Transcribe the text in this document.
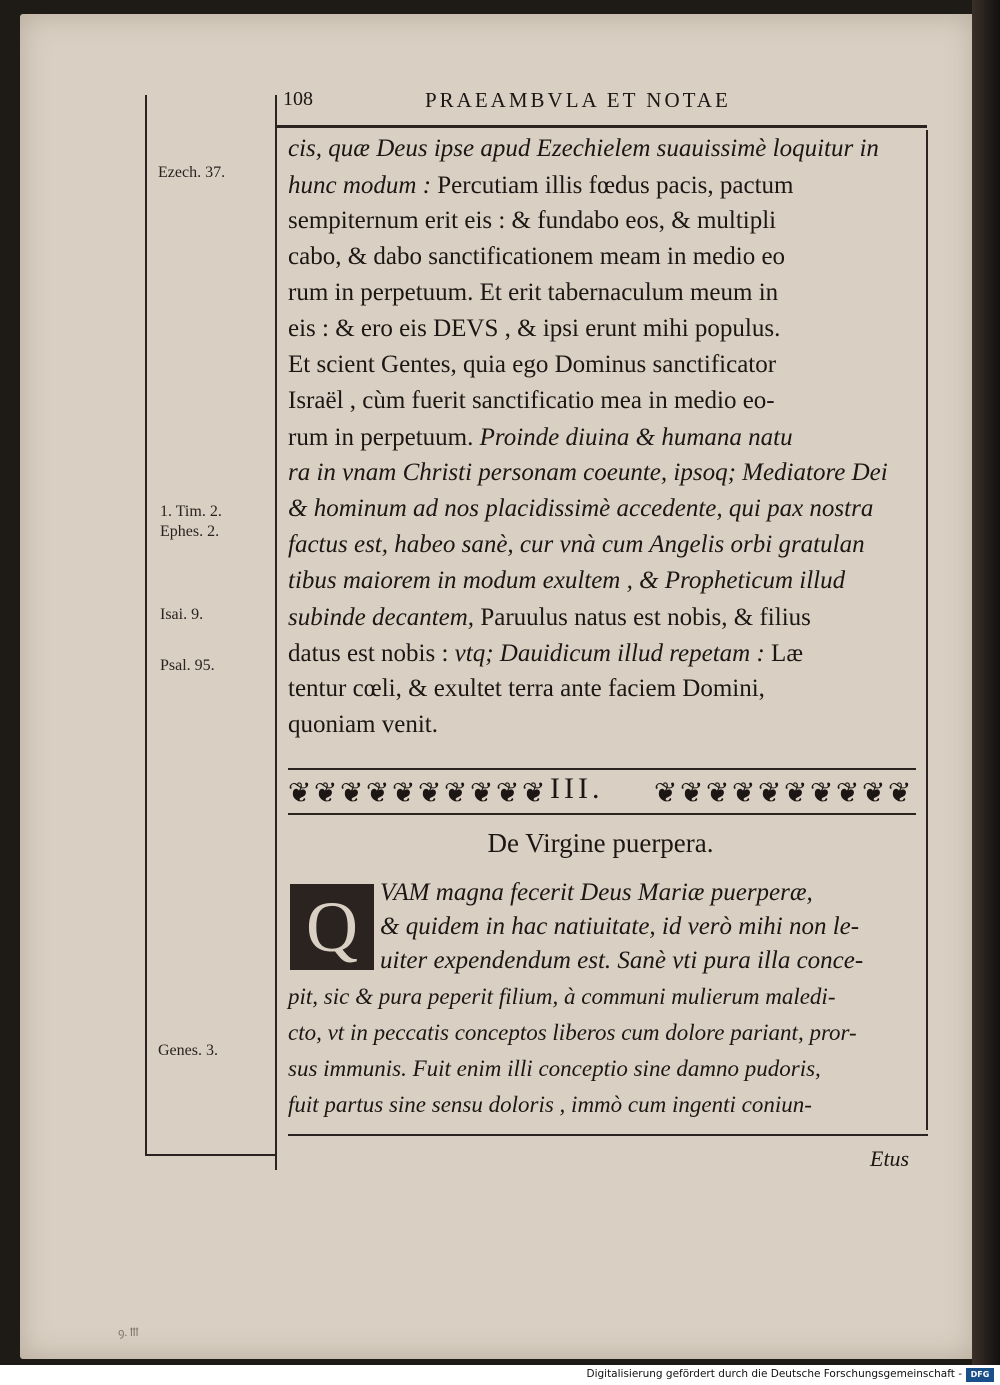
108	PRAEAMBVLA ET NOTAE
Ezech. 37.
1. Tim. 2.
Ephes. 2.
Isai. 9.
Psal. 95.
Genes. 3.
cis, quæ Deus ipse apud Ezechielem suauissimè loquitur in
hunc modum : Percutiam illis fœdus pacis, pactum
sempiternum erit eis : & fundabo eos, & multipli
cabo, & dabo sanctificationem meam in medio eo
rum in perpetuum. Et erit tabernaculum meum in
eis : & ero eis DEVS , & ipsi erunt mihi populus.
Et scient Gentes, quia ego Dominus sanctificator
Israël , cùm fuerit sanctificatio mea in medio eo-
rum in perpetuum. Proinde diuina & humana natu
ra in vnam Christi personam coeunte, ipsoq; Mediatore Dei
& hominum ad nos placidissimè accedente, qui pax nostra
factus est, habeo sanè, cur vnà cum Angelis orbi gratulan
tibus maiorem in modum exultem , & Propheticum illud
subinde decantem, Paruulus natus est nobis, & filius
datus est nobis : vtq; Dauidicum illud repetam : Læ
tentur cœli, & exultet terra ante faciem Domini,
quoniam venit.
❦ ❦ ❦ ❦ ❦ ❦ ❦ ❦ ❦ ❦ III. ❦ ❦ ❦ ❦ ❦ ❦ ❦ ❦ ❦ ❦
De Virgine puerpera.
Q VAM magna fecerit Deus Mariæ puerperæ,
& quidem in hac natiuitate, id verò mihi non le-
uiter expendendum est. Sanè vti pura illa conce-
pit, sic & pura peperit filium, à communi mulierum maledi-
cto, vt in peccatis conceptos liberos cum dolore pariant, pror-
sus immunis. Fuit enim illi conceptio sine damno pudoris,
fuit partus sine sensu doloris , immò cum ingenti coniun-
Etus
ꝯ. ꝉꝉꝉ
Digitalisierung gefördert durch die Deutsche Forschungsgemeinschaft -	DFG
